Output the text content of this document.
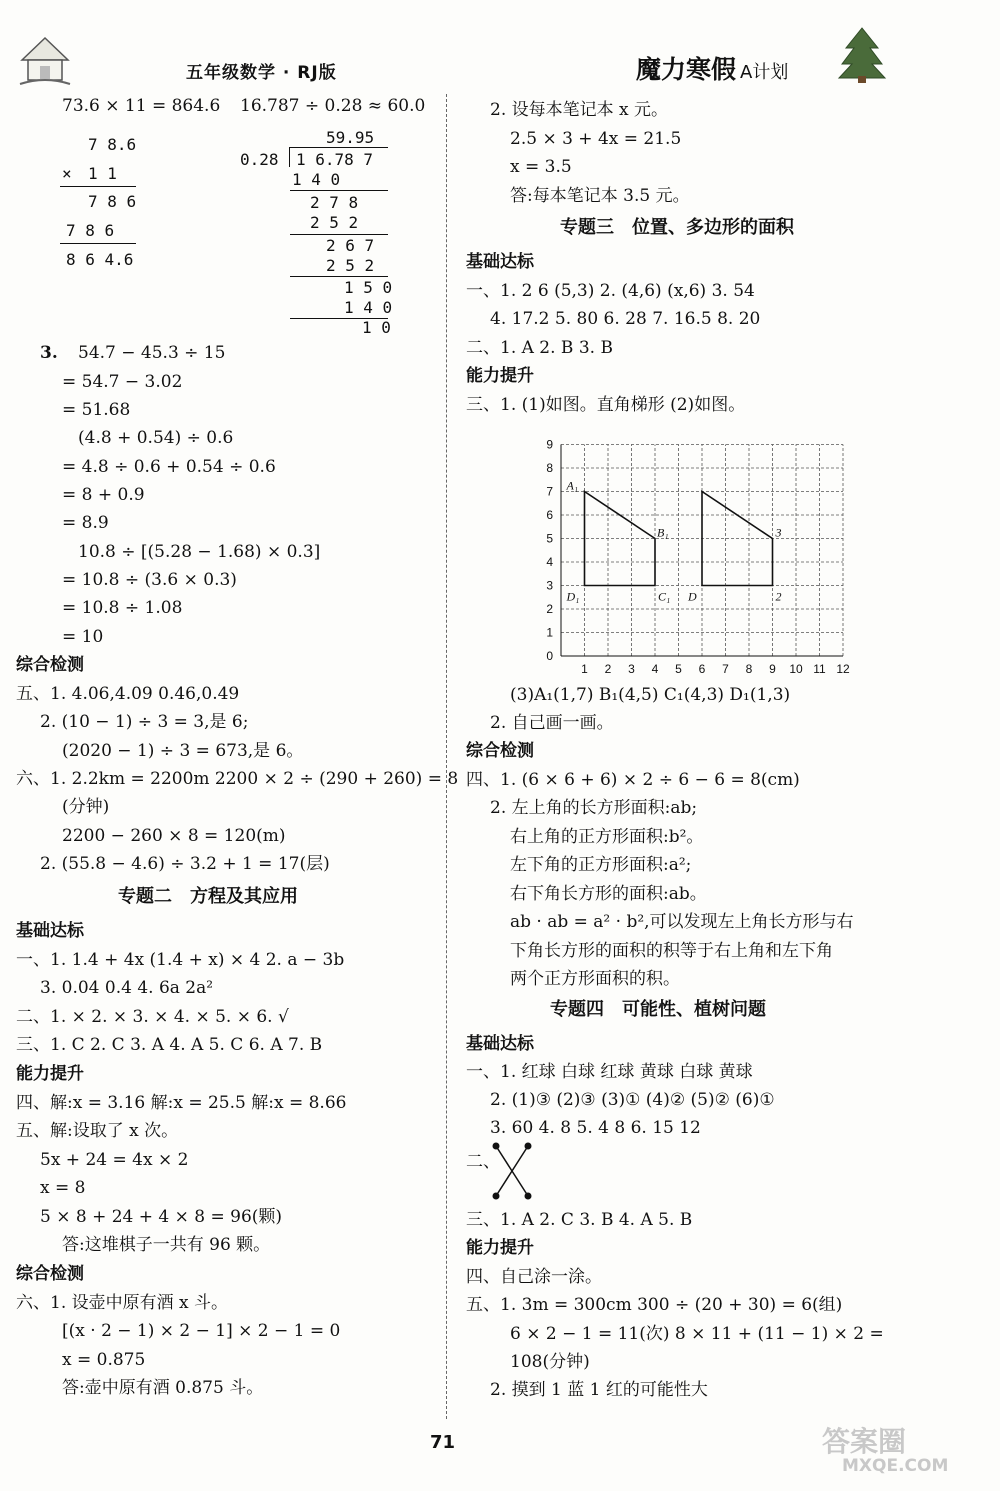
五年级数学 · RJ版	魔力寒假 A计划
73.6 × 11 = 864.6 16.787 ÷ 0.28 ≈ 60.0
7 8.6
× 1 1
7 8 6
7 8 6
8 6 4.6
59.95
0.28 1 6.78 7
1 4 0
2 7 8
2 5 2
2 6 7
2 5 2
1 5 0
1 4 0
1 0
3. 54.7 − 45.3 ÷ 15
= 54.7 − 3.02
= 51.68
(4.8 + 0.54) ÷ 0.6
= 4.8 ÷ 0.6 + 0.54 ÷ 0.6
= 8 + 0.9
= 8.9
10.8 ÷ [(5.28 − 1.68) × 0.3]
= 10.8 ÷ (3.6 × 0.3)
= 10.8 ÷ 1.08
= 10
综合检测
五、1. 4.06,4.09 0.46,0.49
2. (10 − 1) ÷ 3 = 3,是 6;
(2020 − 1) ÷ 3 = 673,是 6。
六、1. 2.2km = 2200m 2200 × 2 ÷ (290 + 260) = 8
(分钟)
2200 − 260 × 8 = 120(m)
2. (55.8 − 4.6) ÷ 3.2 + 1 = 17(层)
专题二　方程及其应用
基础达标
一、1. 1.4 + 4x (1.4 + x) × 4 2. a − 3b
3. 0.04 0.4 4. 6a 2a²
二、1. × 2. × 3. × 4. × 5. × 6. √
三、1. C 2. C 3. A 4. A 5. C 6. A 7. B
能力提升
四、解:x = 3.16 解:x = 25.5 解:x = 8.66
五、解:设取了 x 次。
5x + 24 = 4x × 2
x = 8
5 × 8 + 24 + 4 × 8 = 96(颗)
答:这堆棋子一共有 96 颗。
综合检测
六、1. 设壶中原有酒 x 斗。
[(x · 2 − 1) × 2 − 1] × 2 − 1 = 0
x = 0.875
答:壶中原有酒 0.875 斗。
2. 设每本笔记本 x 元。
2.5 × 3 + 4x = 21.5
x = 3.5
答:每本笔记本 3.5 元。
专题三　位置、多边形的面积
基础达标
一、1. 2 6 (5,3) 2. (4,6) (x,6) 3. 54
4. 17.2 5. 80 6. 28 7. 16.5 8. 20
二、1. A 2. B 3. B
能力提升
三、1. (1)如图。直角梯形 (2)如图。
1 2 3 4 5 6 7 8 9 10 11 12
0
1
2
3
4
5
6
7
8
9
A₁
B₁
C₁
D₁	D
3
2
(3)A₁(1,7) B₁(4,5) C₁(4,3) D₁(1,3)
2. 自己画一画。
综合检测
四、1. (6 × 6 + 6) × 2 ÷ 6 − 6 = 8(cm)
2. 左上角的长方形面积:ab;
右上角的正方形面积:b²。
左下角的正方形面积:a²;
右下角长方形的面积:ab。
ab · ab = a² · b²,可以发现左上角长方形与右
下角长方形的面积的积等于右上角和左下角
两个正方形面积的积。
专题四　可能性、植树问题
基础达标
一、1. 红球 白球 红球 黄球 白球 黄球
2. (1)③ (2)③ (3)① (4)② (5)② (6)①
3. 60 4. 8 5. 4 8 6. 15 12
二、
三、1. A 2. C 3. B 4. A 5. B
能力提升
四、自己涂一涂。
五、1. 3m = 300cm 300 ÷ (20 + 30) = 6(组)
6 × 2 − 1 = 11(次) 8 × 11 + (11 − 1) × 2 =
108(分钟)
2. 摸到 1 蓝 1 红的可能性大
71	答案圈
MXQE.COM
